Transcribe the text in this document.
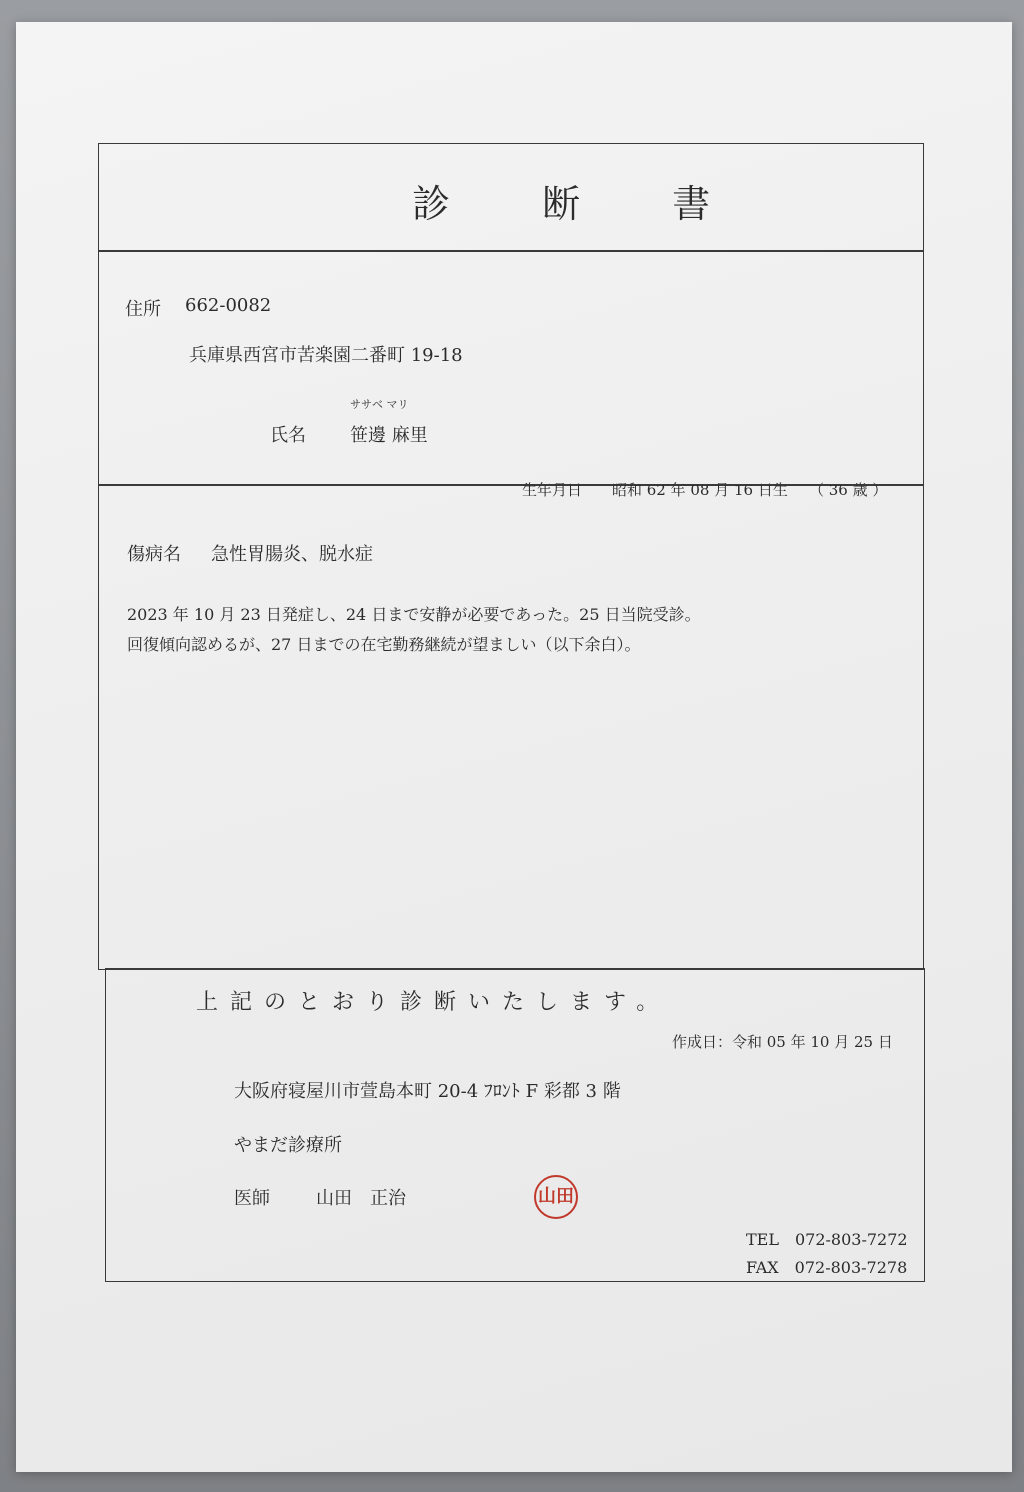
診 断 書
住所 662-0082
兵庫県西宮市苦楽園二番町 19-18
ササベ マリ
氏名 笹邊 麻里
生年月日 昭和 62 年 08 月 16 日生 （ 36 歳 ）
傷病名 急性胃腸炎、脱水症
2023 年 10 月 23 日発症し、24 日まで安静が必要であった。25 日当院受診。
回復傾向認めるが、27 日までの在宅勤務継続が望ましい（以下余白）。
上記のとおり診断いたします。
作成日：令和 05 年 10 月 25 日
大阪府寝屋川市萱島本町 20-4 ﾌﾛﾝﾄ F 彩都 3 階
やまだ診療所
医師	山田　正治	山田
TEL　072-803-7272
FAX　072-803-7278
